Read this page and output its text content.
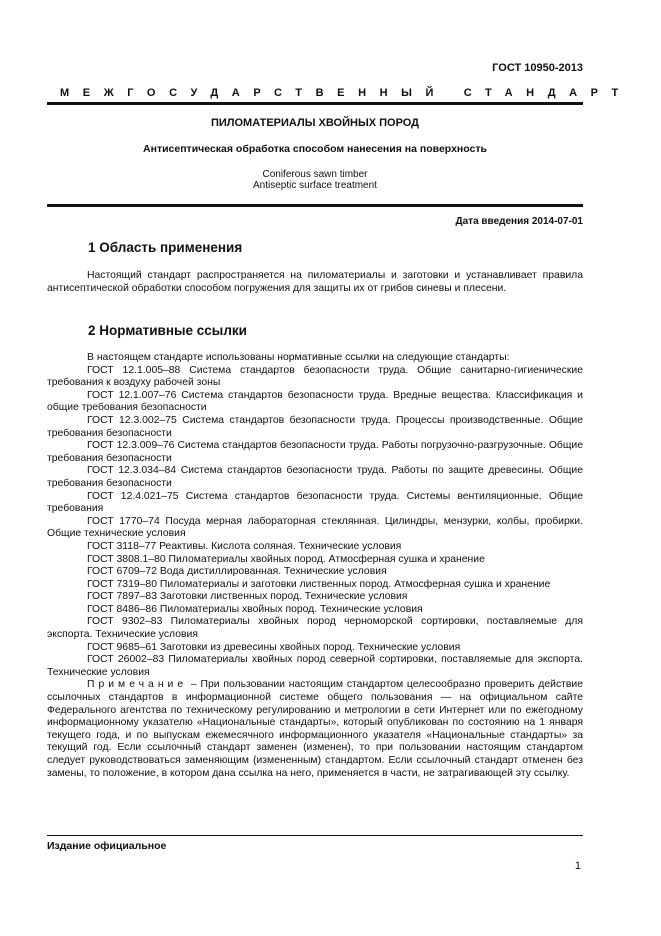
ГОСТ 10950-2013
МЕЖГОСУДАРСТВЕННЫЙ СТАНДАРТ
ПИЛОМАТЕРИАЛЫ ХВОЙНЫХ ПОРОД
Антисептическая обработка способом нанесения на поверхность
Coniferous sawn timber
Antiseptic surface treatment
Дата введения 2014-07-01
1 Область применения

Настоящий стандарт распространяется на пиломатериалы и заготовки и устанавливает правила антисептической обработки способом погружения для защиты их от грибов синевы и плесени.

2 Нормативные ссылки

В настоящем стандарте использованы нормативные ссылки на следующие стандарты:

ГОСТ 12.1.005–88 Система стандартов безопасности труда. Общие санитарно-гигиенические требования к воздуху рабочей зоны

ГОСТ 12.1.007–76 Система стандартов безопасности труда. Вредные вещества. Классификация и общие требования безопасности

ГОСТ 12.3.002–75 Система стандартов безопасности труда. Процессы производственные. Общие требования безопасности

ГОСТ 12.3.009–76 Система стандартов безопасности труда. Работы погрузочно-разгрузочные. Общие требования безопасности

ГОСТ 12.3.034–84 Система стандартов безопасности труда. Работы по защите древесины. Общие требования безопасности

ГОСТ 12.4.021–75 Система стандартов безопасности труда. Системы вентиляционные. Общие требования

ГОСТ 1770–74 Посуда мерная лабораторная стеклянная. Цилиндры, мензурки, колбы, пробирки. Общие технические условия

ГОСТ 3118–77 Реактивы. Кислота соляная. Технические условия

ГОСТ 3808.1–80 Пиломатериалы хвойных пород. Атмосферная сушка и хранение

ГОСТ 6709–72 Вода дистиллированная. Технические условия

ГОСТ 7319–80 Пиломатериалы и заготовки лиственных пород. Атмосферная сушка и хранение

ГОСТ 7897–83 Заготовки лиственных пород. Технические условия

ГОСТ 8486–86 Пиломатериалы хвойных пород. Технические условия

ГОСТ 9302–83 Пиломатериалы хвойных пород черноморской сортировки, поставляемые для экспорта. Технические условия

ГОСТ 9685–61 Заготовки из древесины хвойных пород. Технические условия

ГОСТ 26002–83 Пиломатериалы хвойных пород северной сортировки, поставляемые для экспорта. Технические условия

Примечание – При пользовании настоящим стандартом целесообразно проверить действие ссылочных стандартов в информационной системе общего пользования — на официальном сайте Федерального агентства по техническому регулированию и метрологии в сети Интернет или по ежегодному информационному указателю «Национальные стандарты», который опубликован по состоянию на 1 января текущего года, и по выпускам ежемесячного информационного указателя «Национальные стандарты» за текущий год. Если ссылочный стандарт заменен (изменен), то при пользовании настоящим стандартом следует руководствоваться заменяющим (измененным) стандартом. Если ссылочный стандарт отменен без замены, то положение, в котором дана ссылка на него, применяется в части, не затрагивающей эту ссылку.

Издание официальное
1
